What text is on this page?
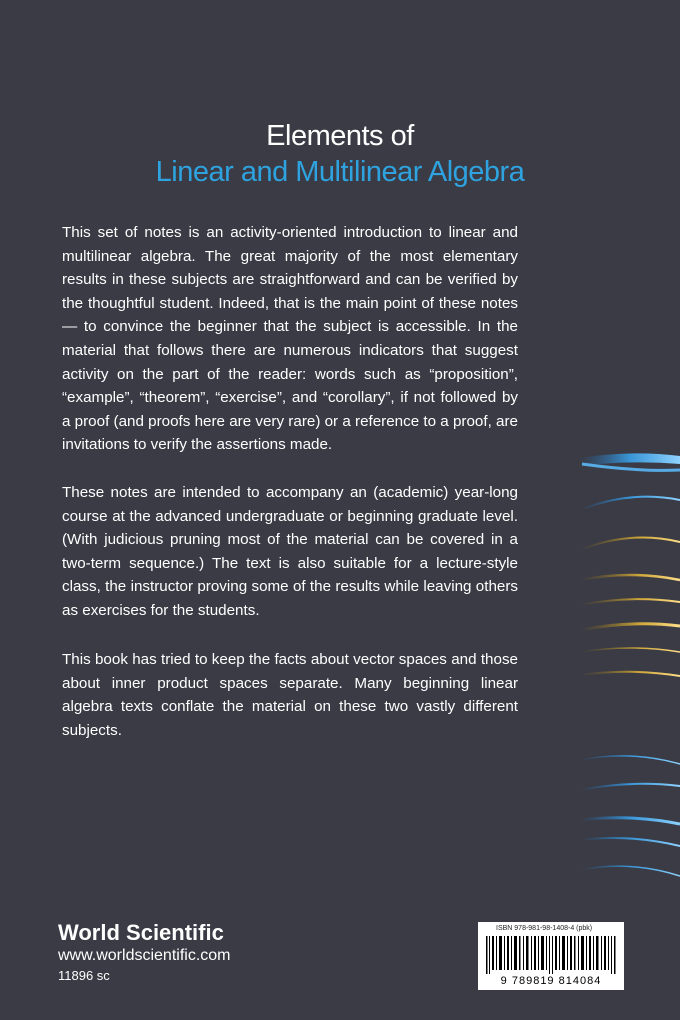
Elements of
Linear and Multilinear Algebra
This set of notes is an activity-oriented introduction to linear and multilinear algebra. The great majority of the most elementary results in these subjects are straightforward and can be verified by the thoughtful student. Indeed, that is the main point of these notes — to convince the beginner that the subject is accessible. In the material that follows there are numerous indicators that suggest activity on the part of the reader: words such as “proposition”, “example”, “theorem”, “exercise”, and “corollary”, if not followed by a proof (and proofs here are very rare) or a reference to a proof, are invitations to verify the assertions made.
These notes are intended to accompany an (academic) year-long course at the advanced undergraduate or beginning graduate level. (With judicious pruning most of the material can be covered in a two-term sequence.) The text is also suitable for a lecture-style class, the instructor proving some of the results while leaving others as exercises for the students.
This book has tried to keep the facts about vector spaces and those about inner product spaces separate. Many beginning linear algebra texts conflate the material on these two vastly different subjects.
World Scientific
www.worldscientific.com
11896 sc
ISBN 978-981-98-1408-4 (pbk)
9 789819 814084
